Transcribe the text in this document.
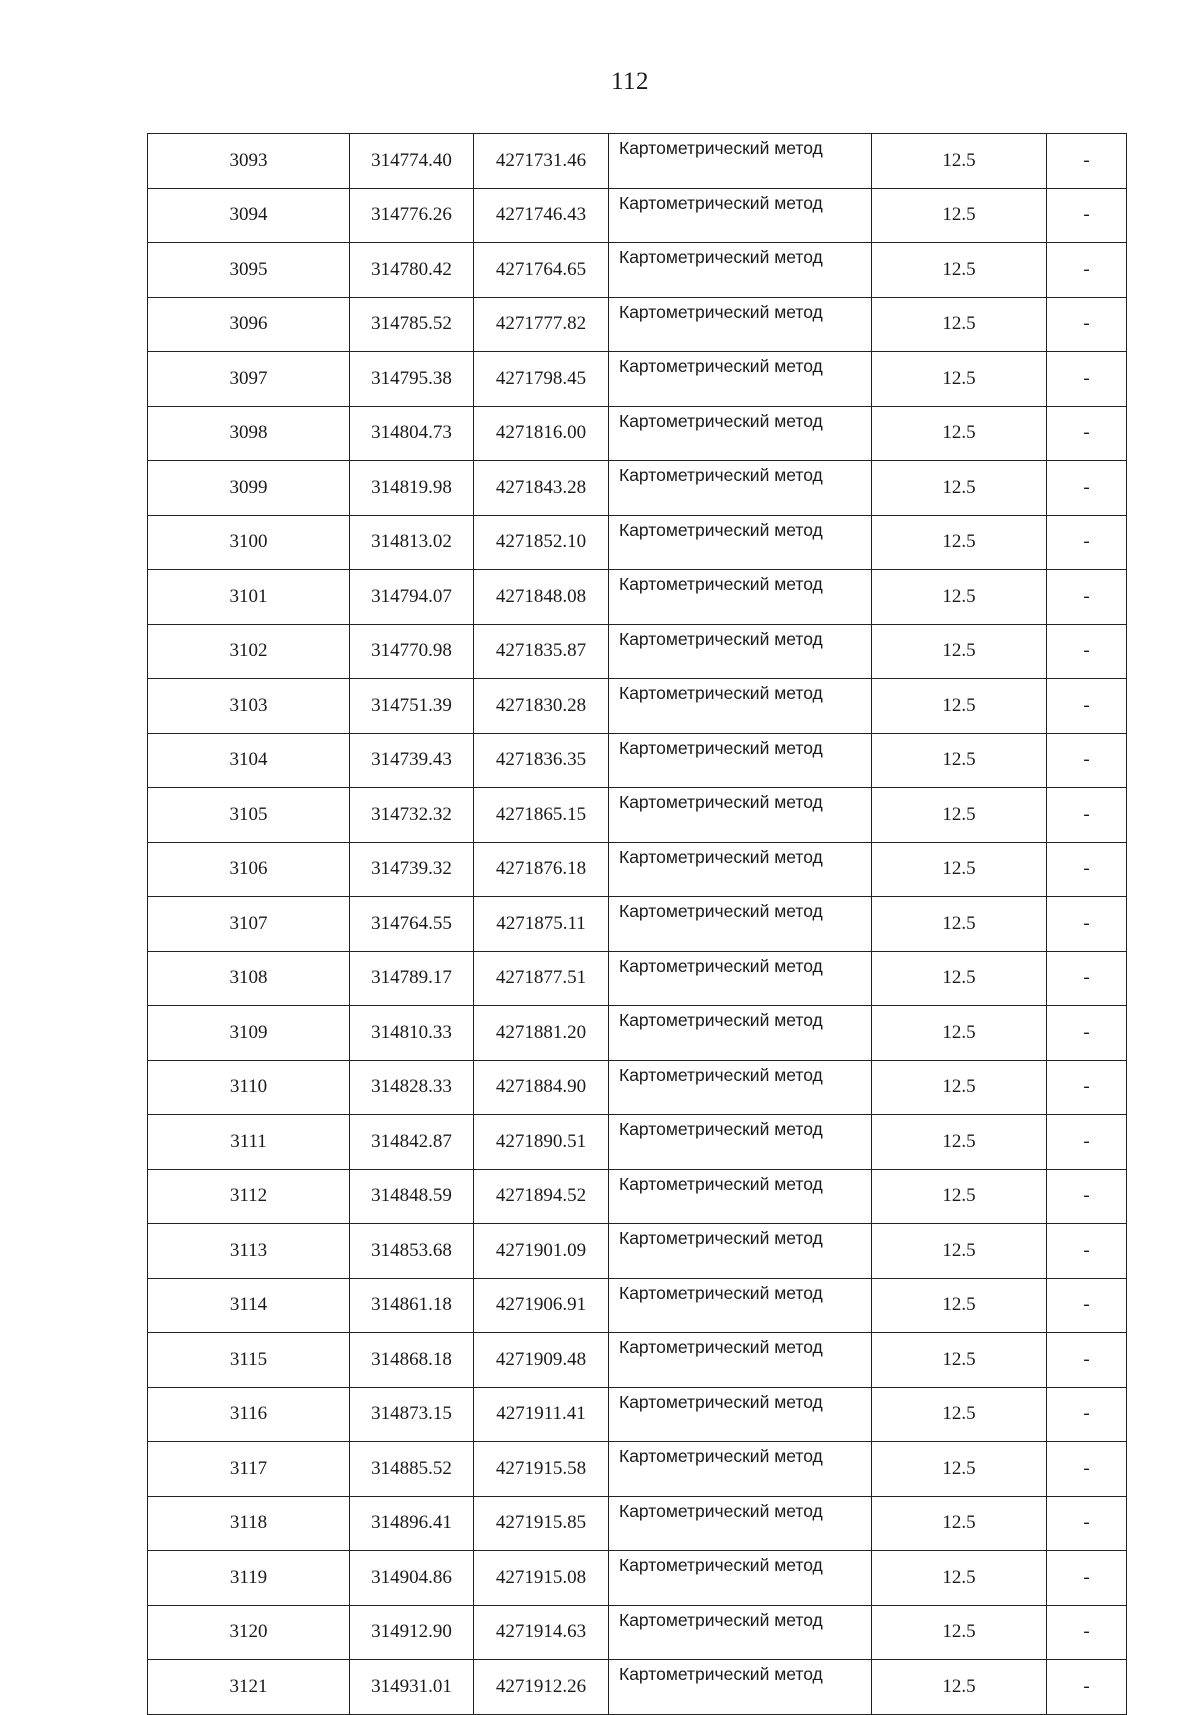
112
3093	314774.40	4271731.46	Картометрический метод	12.5	-
3094	314776.26	4271746.43	Картометрический метод	12.5	-
3095	314780.42	4271764.65	Картометрический метод	12.5	-
3096	314785.52	4271777.82	Картометрический метод	12.5	-
3097	314795.38	4271798.45	Картометрический метод	12.5	-
3098	314804.73	4271816.00	Картометрический метод	12.5	-
3099	314819.98	4271843.28	Картометрический метод	12.5	-
3100	314813.02	4271852.10	Картометрический метод	12.5	-
3101	314794.07	4271848.08	Картометрический метод	12.5	-
3102	314770.98	4271835.87	Картометрический метод	12.5	-
3103	314751.39	4271830.28	Картометрический метод	12.5	-
3104	314739.43	4271836.35	Картометрический метод	12.5	-
3105	314732.32	4271865.15	Картометрический метод	12.5	-
3106	314739.32	4271876.18	Картометрический метод	12.5	-
3107	314764.55	4271875.11	Картометрический метод	12.5	-
3108	314789.17	4271877.51	Картометрический метод	12.5	-
3109	314810.33	4271881.20	Картометрический метод	12.5	-
3110	314828.33	4271884.90	Картометрический метод	12.5	-
3111	314842.87	4271890.51	Картометрический метод	12.5	-
3112	314848.59	4271894.52	Картометрический метод	12.5	-
3113	314853.68	4271901.09	Картометрический метод	12.5	-
3114	314861.18	4271906.91	Картометрический метод	12.5	-
3115	314868.18	4271909.48	Картометрический метод	12.5	-
3116	314873.15	4271911.41	Картометрический метод	12.5	-
3117	314885.52	4271915.58	Картометрический метод	12.5	-
3118	314896.41	4271915.85	Картометрический метод	12.5	-
3119	314904.86	4271915.08	Картометрический метод	12.5	-
3120	314912.90	4271914.63	Картометрический метод	12.5	-
3121	314931.01	4271912.26	Картометрический метод	12.5	-
